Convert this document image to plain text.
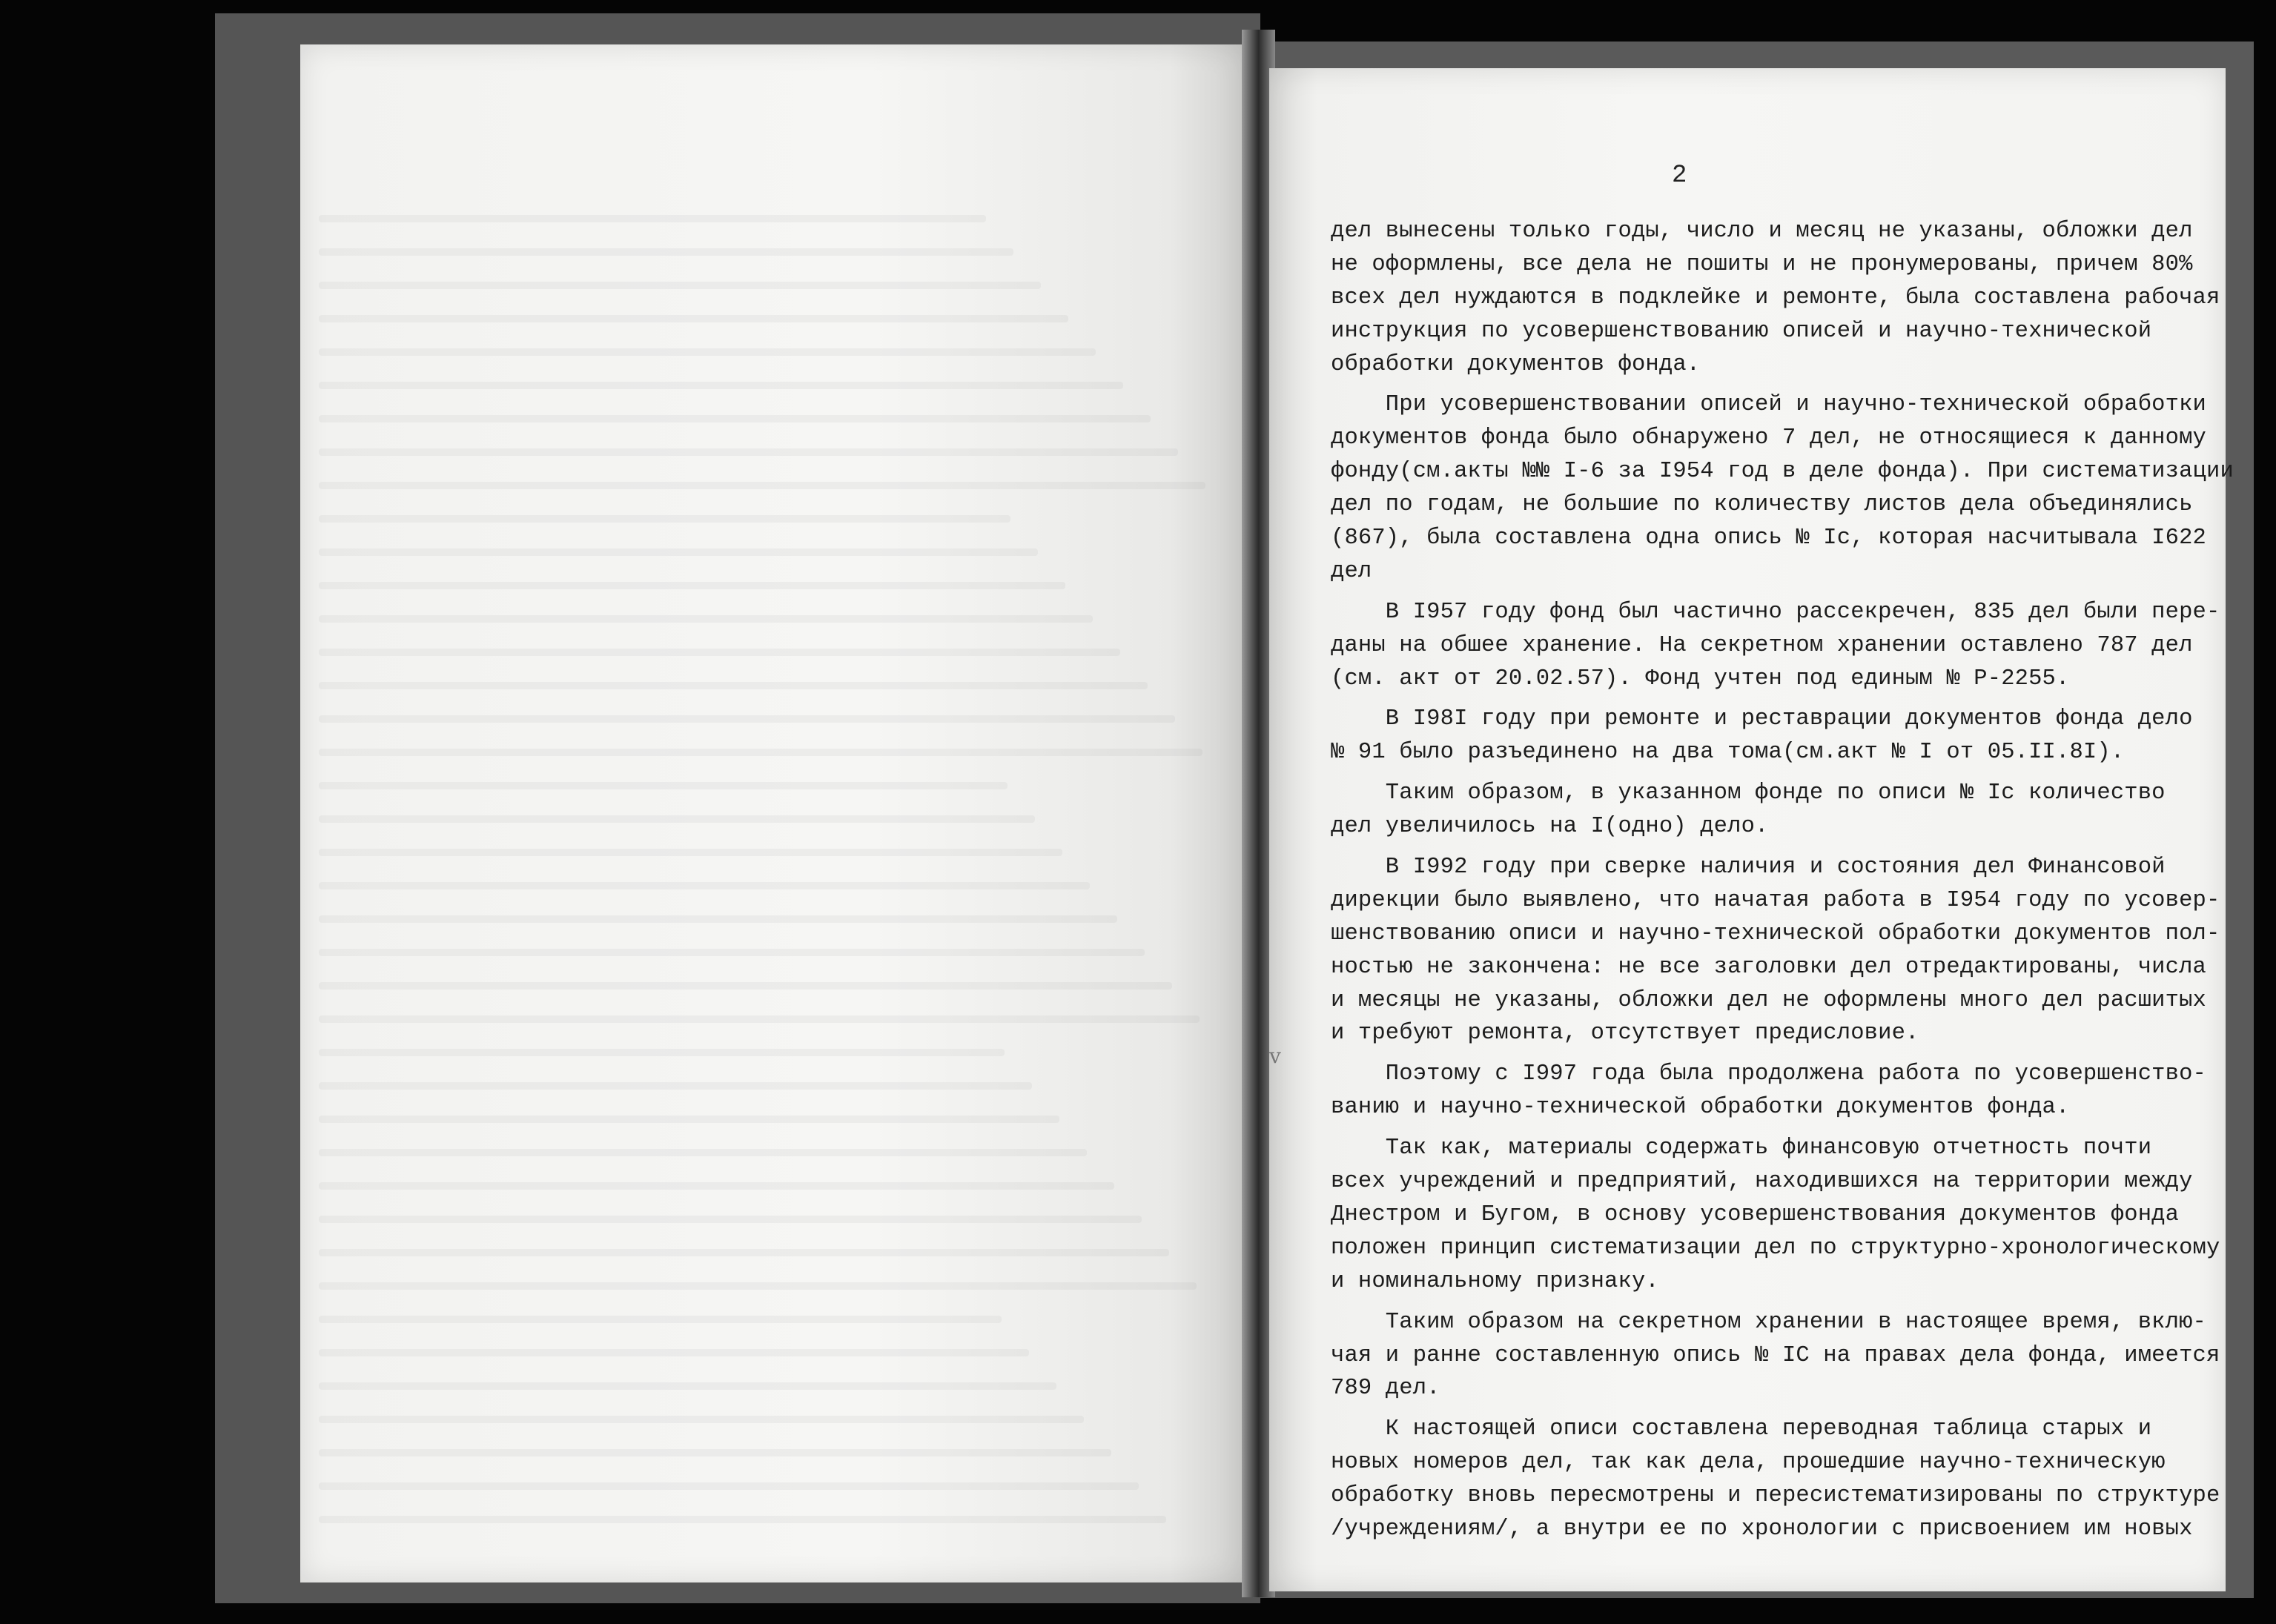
2
v
дел вынесены только годы, число и месяц не указаны, обложки дел
не оформлены, все дела не пошиты и не пронумерованы, причем 80%
всех дел нуждаются в подклейке и ремонте, была составлена рабочая
инструкция по усовершенствованию описей и научно-технической
обработки документов фонда.
При усовершенствовании описей и научно-технической обработки
документов фонда было обнаружено 7 дел, не относящиеся к данному
фонду(см.акты №№ I-6 за I954 год в деле фонда). При систематизации
дел по годам, не большие по количеству листов дела объединялись
(867), была составлена одна опись № Iс, которая насчитывала I622
дел
В I957 году фонд был частично рассекречен, 835 дел были пере-
даны на обшее хранение. На секретном хранении оставлено 787 дел
(см. акт от 20.02.57). Фонд учтен под единым № Р-2255.
В I98I году при ремонте и реставрации документов фонда дело
№ 91 было разъединено на два тома(см.акт № I от 05.II.8I).
Таким образом, в указанном фонде по описи № Iс количество
дел увеличилось на I(одно) дело.
В I992 году при сверке наличия и состояния дел Финансовой
дирекции было выявлено, что начатая работа в I954 году по усовер-
шенствованию описи и научно-технической обработки документов пол-
ностью не закончена: не все заголовки дел отредактированы, числа
и месяцы не указаны, обложки дел не оформлены много дел расшитых
и требуют ремонта, отсутствует предисловие.
Поэтому с I997 года была продолжена работа по усовершенство-
ванию и научно-технической обработки документов фонда.
Так как, материалы содержать финансовую отчетность почти
всех учреждений и предприятий, находившихся на территории между
Днестром и Бугом, в основу усовершенствования документов фонда
положен принцип систематизации дел по структурно-хронологическому
и номинальному признаку.
Таким образом на секретном хранении в настоящее время, вклю-
чая и ранне составленную опись № IС на правах дела фонда, имеется
789 дел.
К настоящей описи составлена переводная таблица старых и
новых номеров дел, так как дела, прошедшие научно-техническую
обработку вновь пересмотрены и пересистематизированы по структуре
/учреждениям/, а внутри ее по хронологии с присвоением им новых
